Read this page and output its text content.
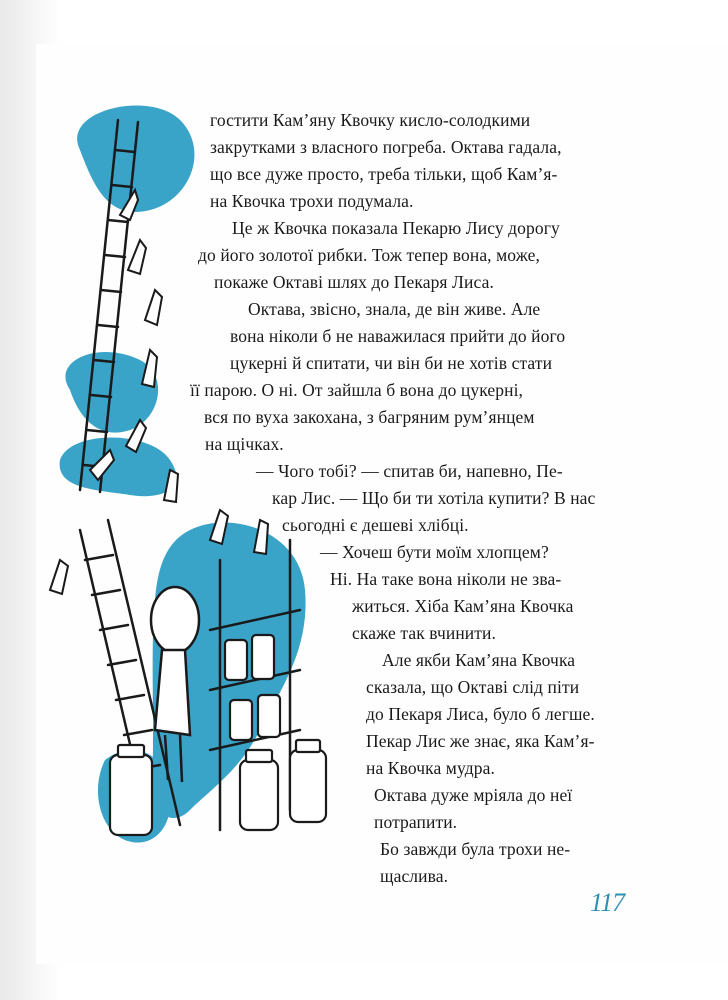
гостити Кам’яну Квочку кисло-солодкими
закрутками з власного погреба. Октава гадала,
що все дуже просто, треба тільки, щоб Кам’я-
на Квочка трохи подумала.
Це ж Квочка показала Пекарю Лису дорогу
до його золотої рибки. Тож тепер вона, може,
покаже Октаві шлях до Пекаря Лиса.
Октава, звісно, знала, де він живе. Але
вона ніколи б не наважилася прийти до його
цукерні й спитати, чи він би не хотів стати
її парою. О ні. От зайшла б вона до цукерні,
вся по вуха закохана, з багряним рум’янцем
на щічках.
— Чого тобі? — спитав би, напевно, Пе-
кар Лис. — Що би ти хотіла купити? В нас
сьогодні є дешеві хлібці.
— Хочеш бути моїм хлопцем?
Ні. На таке вона ніколи не зва-
житься. Хіба Кам’яна Квочка
скаже так вчинити.
Але якби Кам’яна Квочка
сказала, що Октаві слід піти
до Пекаря Лиса, було б легше.
Пекар Лис же знає, яка Кам’я-
на Квочка мудра.
Октава дуже мріяла до неї
потрапити.
Бо завжди була трохи не-
щаслива.
117
